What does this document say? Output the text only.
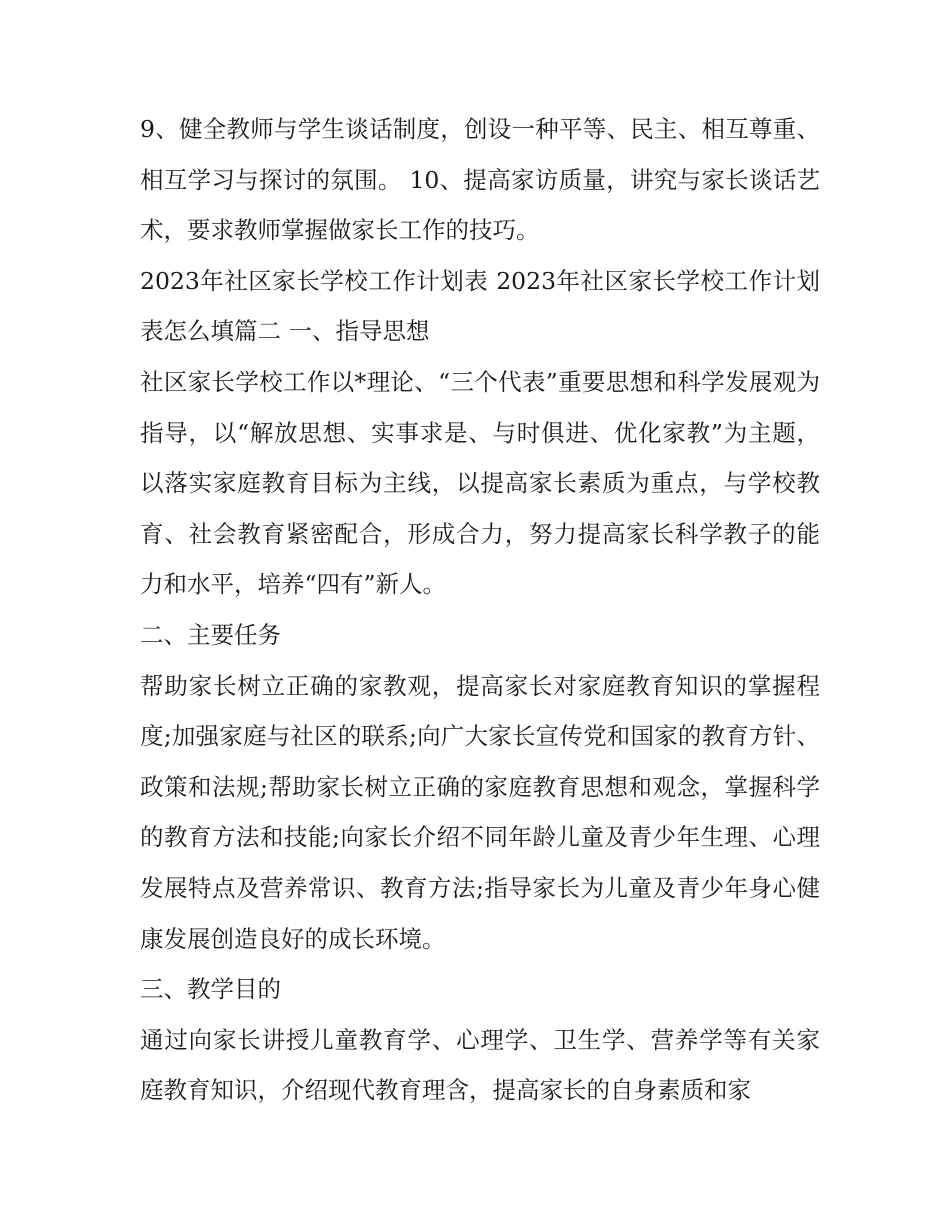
9、健全教师与学生谈话制度，创设一种平等、民主、相互尊重、相互学习与探讨的氛围。 10、提高家访质量，讲究与家长谈话艺术，要求教师掌握做家长工作的技巧。

2023年社区家长学校工作计划表 2023年社区家长学校工作计划表怎么填篇二 一、指导思想

社区家长学校工作以*理论、“三个代表”重要思想和科学发展观为指导，以“解放思想、实事求是、与时俱进、优化家教”为主题，以落实家庭教育目标为主线，以提高家长素质为重点，与学校教育、社会教育紧密配合，形成合力，努力提高家长科学教子的能力和水平，培养“四有”新人。

二、主要任务

帮助家长树立正确的家教观，提高家长对家庭教育知识的掌握程度;加强家庭与社区的联系;向广大家长宣传党和国家的教育方针、政策和法规;帮助家长树立正确的家庭教育思想和观念，掌握科学的教育方法和技能;向家长介绍不同年龄儿童及青少年生理、心理发展特点及营养常识、教育方法;指导家长为儿童及青少年身心健康发展创造良好的成长环境。

三、教学目的

通过向家长讲授儿童教育学、心理学、卫生学、营养学等有关家庭教育知识，介绍现代教育理含，提高家长的自身素质和家
